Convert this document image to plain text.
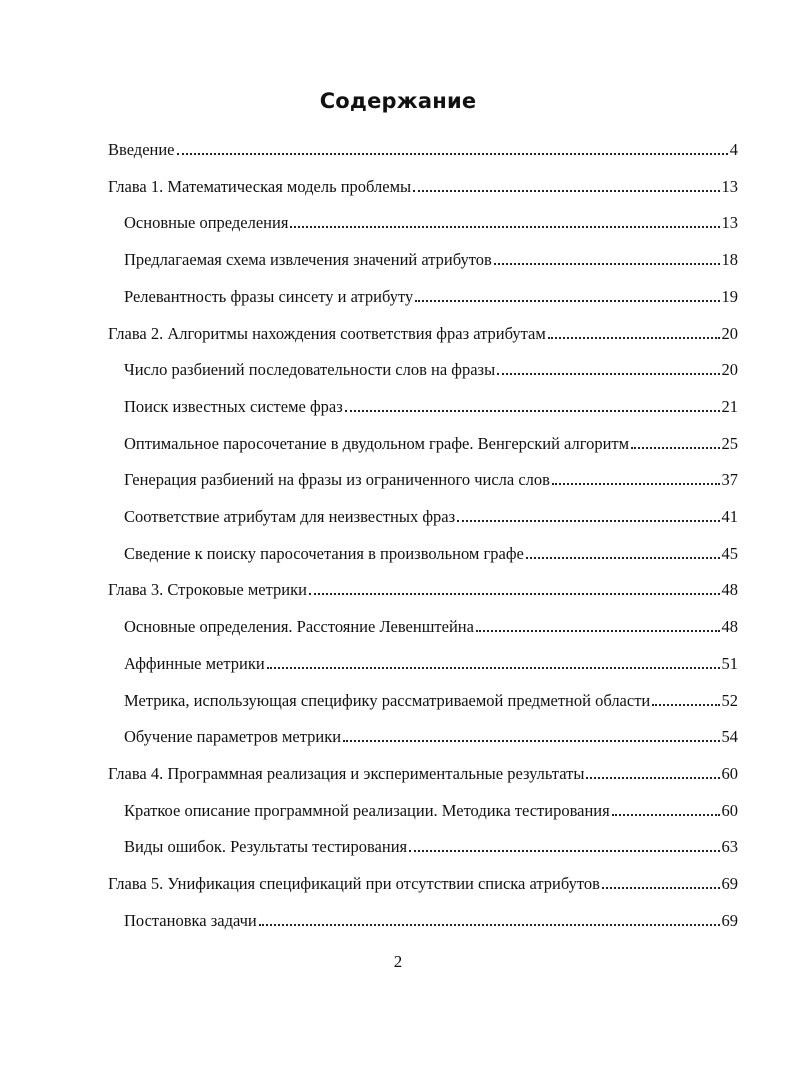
Содержание
Введение	4
Глава 1. Математическая модель проблемы	13
Основные определения	13
Предлагаемая схема извлечения значений атрибутов	18
Релевантность фразы синсету и атрибуту	19
Глава 2. Алгоритмы нахождения соответствия фраз атрибутам	20
Число разбиений последовательности слов на фразы	20
Поиск известных системе фраз	21
Оптимальное паросочетание в двудольном графе. Венгерский алгоритм	25
Генерация разбиений на фразы из ограниченного числа слов	37
Соответствие атрибутам для неизвестных фраз	41
Сведение к поиску паросочетания в произвольном графе	45
Глава 3. Строковые метрики	48
Основные определения. Расстояние Левенштейна	48
Аффинные метрики	51
Метрика, использующая специфику рассматриваемой предметной области	52
Обучение параметров метрики	54
Глава 4. Программная реализация и экспериментальные результаты	60
Краткое описание программной реализации. Методика тестирования	60
Виды ошибок. Результаты тестирования	63
Глава 5. Унификация спецификаций при отсутствии списка атрибутов	69
Постановка задачи	69
2
